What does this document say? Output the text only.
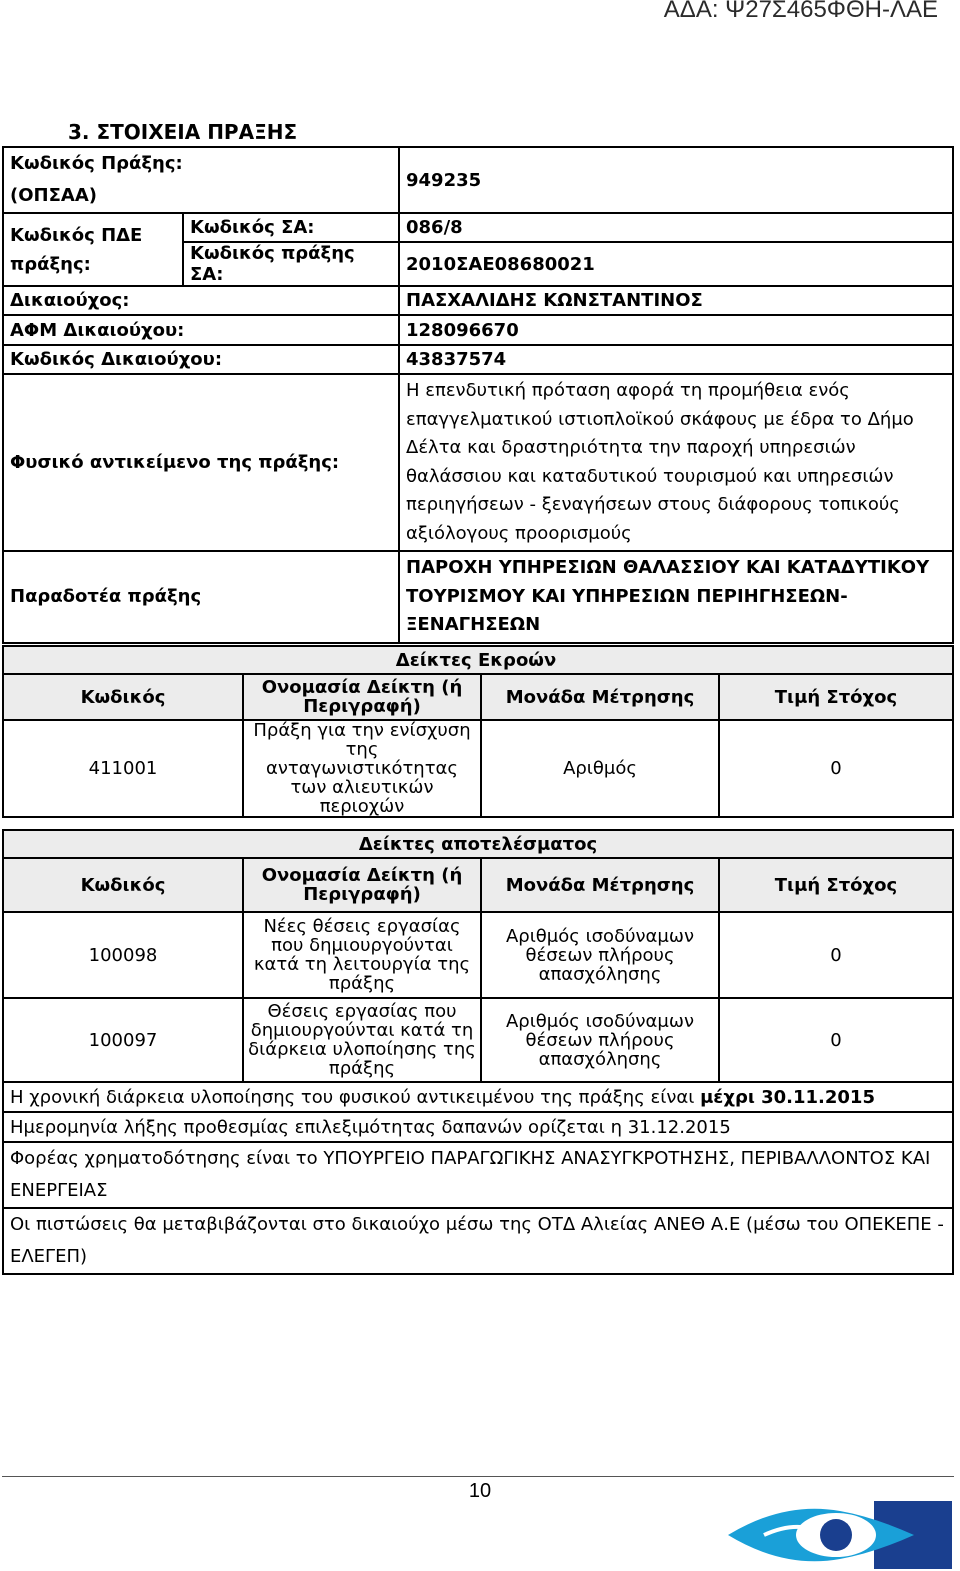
ΑΔΑ: Ψ27Σ465ΦΘΗ-ΛΑΕ
3. ΣΤΟΙΧΕΙΑ ΠΡΑΞΗΣ
Κωδικός Πράξης:
(ΟΠΣΑΑ)		949235
Κωδικός ΠΔΕ
πράξης:	Κωδικός ΣΑ:	086/8
	Κωδικός πράξης ΣΑ:	2010ΣΑΕ08680021
Δικαιούχος:		ΠΑΣΧΑΛΙΔΗΣ ΚΩΝΣΤΑΝΤΙΝΟΣ
ΑΦΜ Δικαιούχου:		128096670
Κωδικός Δικαιούχου:		43837574
Φυσικό αντικείμενο της πράξης:		Η επενδυτική πρόταση αφορά τη προμήθεια ενός επαγγελματικού ιστιοπλοϊκού σκάφους με έδρα το Δήμο Δέλτα και δραστηριότητα την παροχή υπηρεσιών θαλάσσιου και καταδυτικού τουρισμού και υπηρεσιών περιηγήσεων - ξεναγήσεων στους διάφορους τοπικούς αξιόλογους προορισμούς
Παραδοτέα πράξης		ΠΑΡΟΧΗ ΥΠΗΡΕΣΙΩΝ ΘΑΛΑΣΣΙΟΥ ΚΑΙ ΚΑΤΑΔΥΤΙΚΟΥ ΤΟΥΡΙΣΜΟΥ ΚΑΙ ΥΠΗΡΕΣΙΩΝ ΠΕΡΙΗΓΗΣΕΩΝ-ΞΕΝΑΓΗΣΕΩΝ
Δείκτες Εκροών			
Κωδικός	Ονομασία Δείκτη (ή Περιγραφή)	Μονάδα Μέτρησης	Τιμή Στόχος
411001	Πράξη για την ενίσχυση της ανταγωνιστικότητας των αλιευτικών περιοχών	Αριθμός	0
Δείκτες αποτελέσματος			
Κωδικός	Ονομασία Δείκτη (ή Περιγραφή)	Μονάδα Μέτρησης	Τιμή Στόχος
100098	Νέες θέσεις εργασίας που δημιουργούνται κατά τη λειτουργία της πράξης	Αριθμός ισοδύναμων θέσεων πλήρους απασχόλησης	0
100097	Θέσεις εργασίας που δημιουργούνται κατά τη διάρκεια υλοποίησης της πράξης	Αριθμός ισοδύναμων θέσεων πλήρους απασχόλησης	0
Η χρονική διάρκεια υλοποίησης του φυσικού αντικειμένου της πράξης είναι μέχρι 30.11.2015			
Ημερομηνία λήξης προθεσμίας επιλεξιμότητας δαπανών ορίζεται η 31.12.2015			
Φορέας χρηματοδότησης είναι το ΥΠΟΥΡΓΕΙΟ ΠΑΡΑΓΩΓΙΚΗΣ ΑΝΑΣΥΓΚΡΟΤΗΣΗΣ, ΠΕΡΙΒΑΛΛΟΝΤΟΣ ΚΑΙ ΕΝΕΡΓΕΙΑΣ			
Οι πιστώσεις θα μεταβιβάζονται στο δικαιούχο μέσω της ΟΤΔ Αλιείας ΑΝΕΘ Α.Ε (μέσω του ΟΠΕΚΕΠΕ - ΕΛΕΓΕΠ)			
10
